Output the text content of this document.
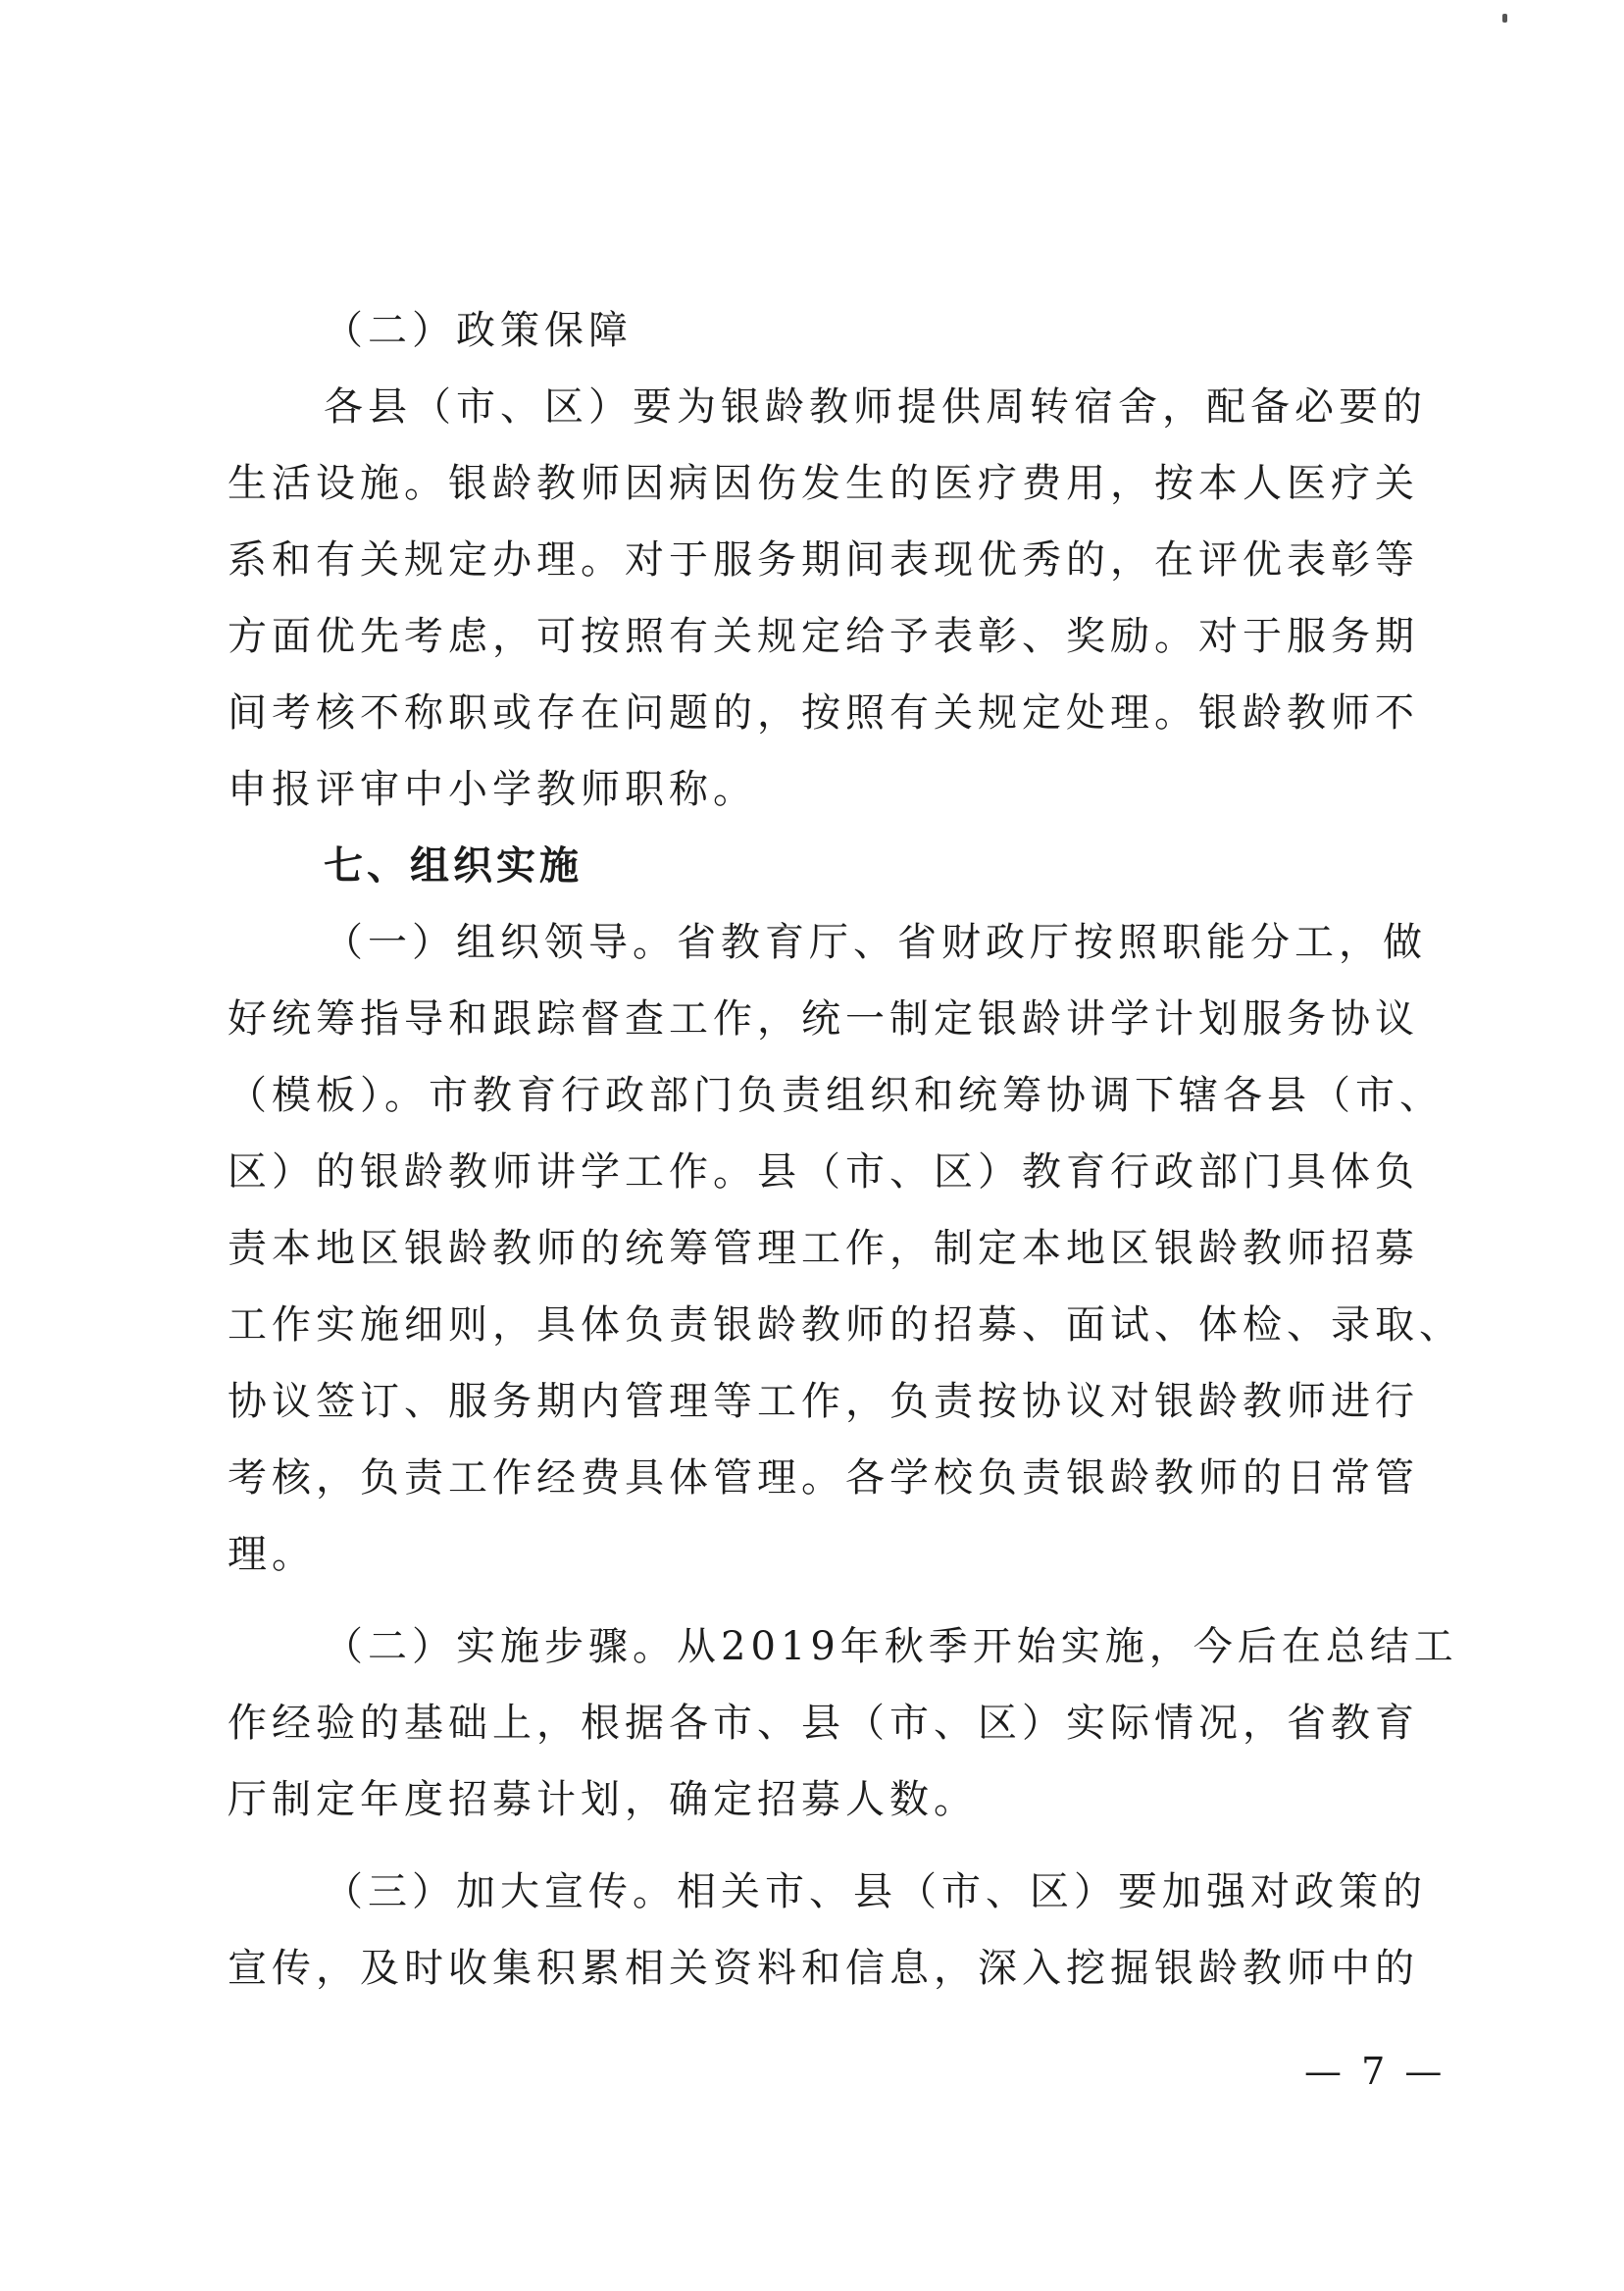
（二）政策保障
各县（市、区）要为银龄教师提供周转宿舍，配备必要的
生活设施。银龄教师因病因伤发生的医疗费用，按本人医疗关
系和有关规定办理。对于服务期间表现优秀的，在评优表彰等
方面优先考虑，可按照有关规定给予表彰、奖励。对于服务期
间考核不称职或存在问题的，按照有关规定处理。银龄教师不
申报评审中小学教师职称。
七、组织实施
（一）组织领导。省教育厅、省财政厅按照职能分工，做
好统筹指导和跟踪督查工作，统一制定银龄讲学计划服务协议
（模板）。市教育行政部门负责组织和统筹协调下辖各县（市、
区）的银龄教师讲学工作。县（市、区）教育行政部门具体负
责本地区银龄教师的统筹管理工作，制定本地区银龄教师招募
工作实施细则，具体负责银龄教师的招募、面试、体检、录取、
协议签订、服务期内管理等工作，负责按协议对银龄教师进行
考核，负责工作经费具体管理。各学校负责银龄教师的日常管
理。
（二）实施步骤。从2019年秋季开始实施，今后在总结工
作经验的基础上，根据各市、县（市、区）实际情况，省教育
厅制定年度招募计划，确定招募人数。
（三）加大宣传。相关市、县（市、区）要加强对政策的
宣传，及时收集积累相关资料和信息，深入挖掘银龄教师中的
— 7 —
